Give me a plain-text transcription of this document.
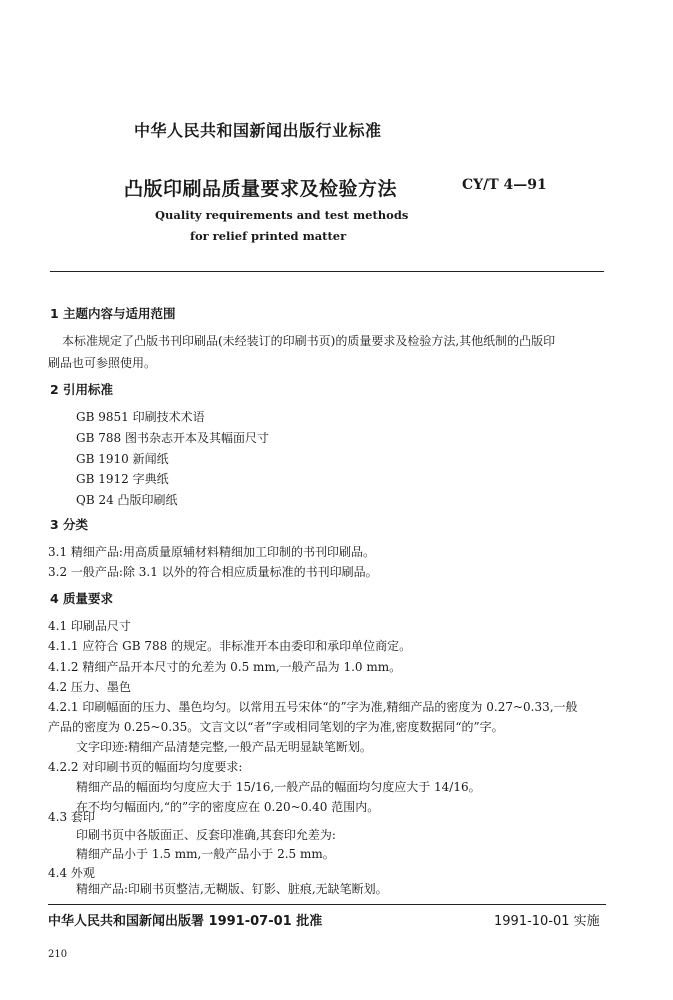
中华人民共和国新闻出版行业标准
凸版印刷品质量要求及检验方法	CY/T 4—91
Quality requirements and test methods
for relief printed matter
1 主题内容与适用范围
本标准规定了凸版书刊印刷品(未经装订的印刷书页)的质量要求及检验方法,其他纸制的凸版印
刷品也可参照使用。
2 引用标准
GB 9851 印刷技术术语
GB 788 图书杂志开本及其幅面尺寸
GB 1910 新闻纸
GB 1912 字典纸
QB 24 凸版印刷纸
3 分类
3.1 精细产品:用高质量原辅材料精细加工印制的书刊印刷品。
3.2 一般产品:除 3.1 以外的符合相应质量标准的书刊印刷品。
4 质量要求
4.1 印刷品尺寸
4.1.1 应符合 GB 788 的规定。非标准开本由委印和承印单位商定。
4.1.2 精细产品开本尺寸的允差为 0.5 mm,一般产品为 1.0 mm。
4.2 压力、墨色
4.2.1 印刷幅面的压力、墨色均匀。以常用五号宋体“的”字为准,精细产品的密度为 0.27~0.33,一般
产品的密度为 0.25~0.35。文言文以“者”字或相同笔划的字为准,密度数据同“的”字。
文字印迹:精细产品清楚完整,一般产品无明显缺笔断划。
4.2.2 对印刷书页的幅面均匀度要求:
精细产品的幅面均匀度应大于 15/16,一般产品的幅面均匀度应大于 14/16。
在不均匀幅面内,“的”字的密度应在 0.20~0.40 范围内。
4.3 套印
印刷书页中各版面正、反套印准确,其套印允差为:
精细产品小于 1.5 mm,一般产品小于 2.5 mm。
4.4 外观
精细产品:印刷书页整洁,无糊版、钉影、脏痕,无缺笔断划。
中华人民共和国新闻出版署 1991-07-01 批准	1991-10-01 实施
210
